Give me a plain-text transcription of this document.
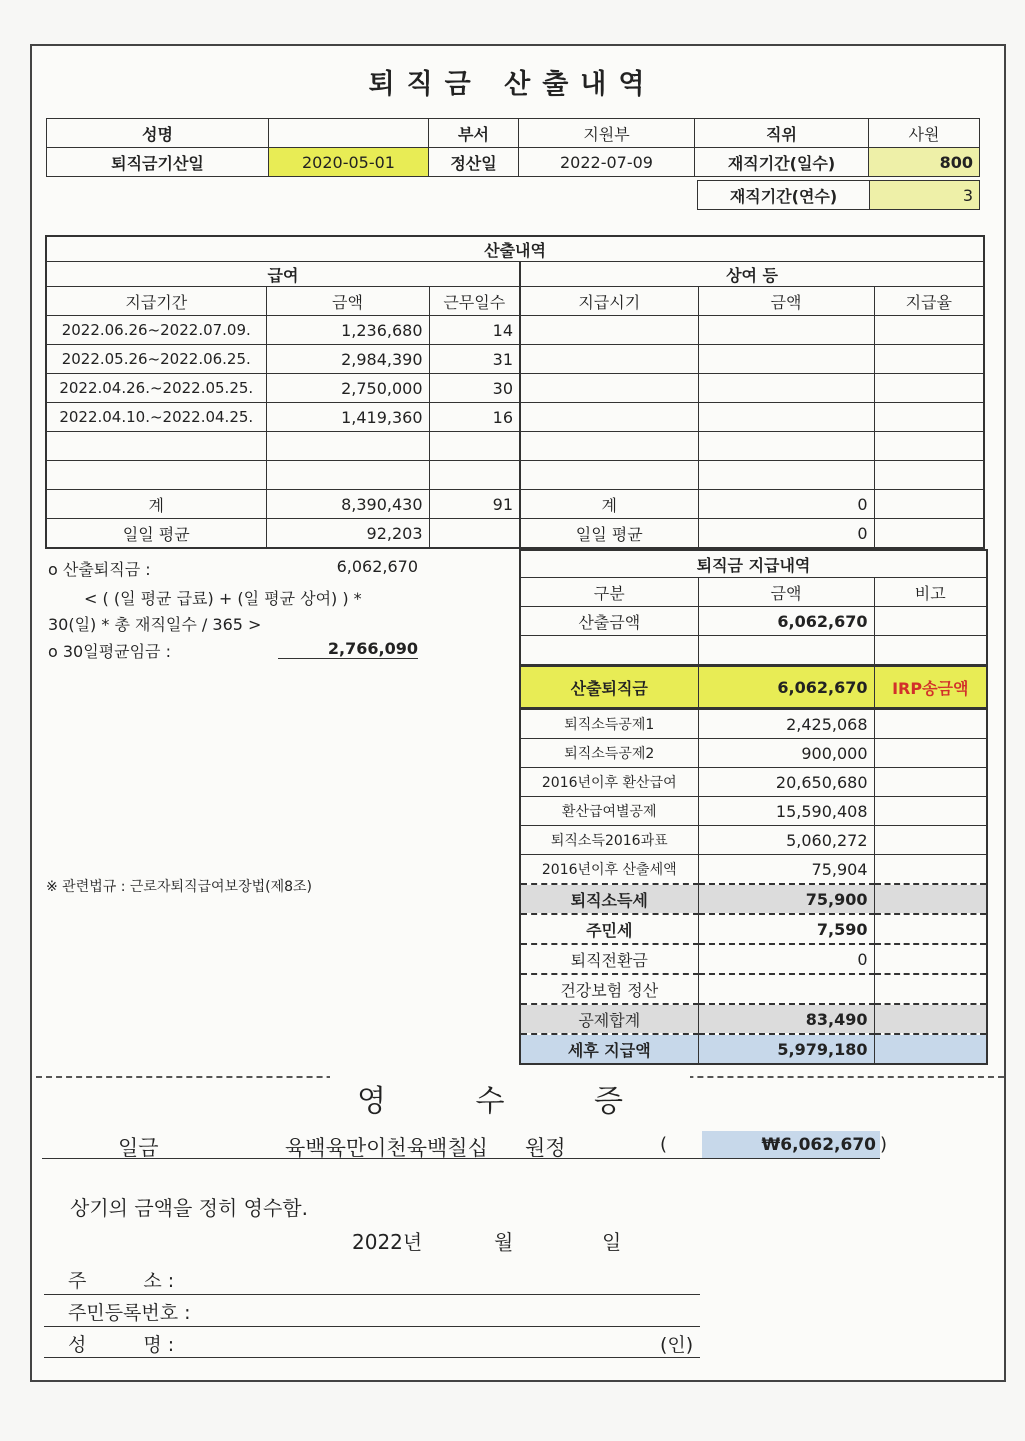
퇴직금 산출내역
성명		부서	지원부	직위	사원
퇴직금기산일	2020-05-01	정산일	2022-07-09	재직기간(일수)	800
재직기간(연수)	3
산출내역					
급여			상여 등		
지급기간	금액	근무일수	지급시기	금액	지급율
2022.06.26~2022.07.09.	1,236,680	14			
2022.05.26~2022.06.25.	2,984,390	31			
2022.04.26.~2022.05.25.	2,750,000	30			
2022.04.10.~2022.04.25.	1,419,360	16			

계	8,390,430	91	계	0	
일일 평균	92,203		일일 평균	0	
o 산출퇴직금 :	6,062,670
< ( (일 평균 급료) + (일 평균 상여) ) *
30(일) * 총 재직일수 / 365 >
o 30일평균임금 :	2,766,090
※ 관련법규 : 근로자퇴직급여보장법(제8조)
퇴직금 지급내역		
구분	금액	비고
산출금액	6,062,670	

산출퇴직금	6,062,670	IRP송금액
퇴직소득공제1	2,425,068	
퇴직소득공제2	900,000	
2016년이후 환산급여	20,650,680	
환산급여별공제	15,590,408	
퇴직소득2016과표	5,060,272	
2016년이후 산출세액	75,904	
퇴직소득세	75,900	
주민세	7,590	
퇴직전환금	0	
건강보험 정산		
공제합계	83,490	
세후 지급액	5,979,180	
영 수 증
일금	육백육만이천육백칠십 원정	(	₩6,062,670 )
상기의 금액을 정히 영수함.
2022년	월	일
주　　　소 :
주민등록번호 :
성　　　명 :	(인)
